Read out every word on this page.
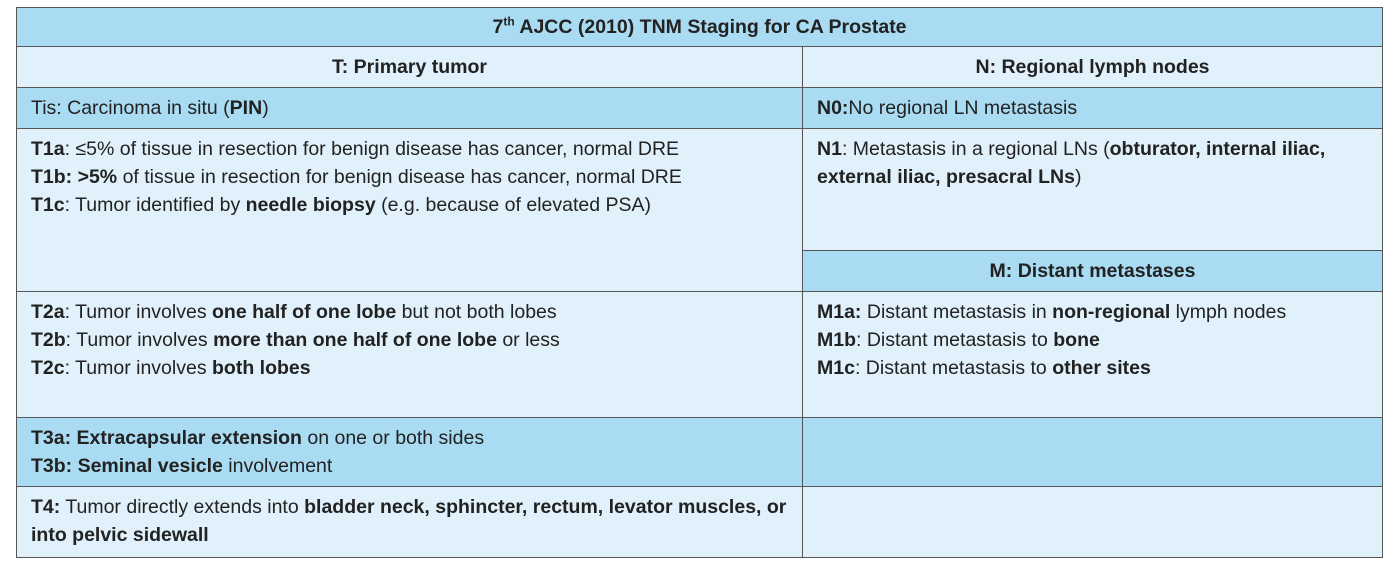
7th AJCC (2010) TNM Staging for CA Prostate	
T: Primary tumor	N: Regional lymph nodes
Tis: Carcinoma in situ (PIN)	N0:No regional LN metastasis

T1a: ≤5% of tissue in resection for benign disease has cancer, normal DRE
T1b: >5% of tissue in resection for benign disease has cancer, normal DRE
T1c: Tumor identified by needle biopsy (e.g. because of elevated PSA)	N1: Metastasis in a regional LNs (obturator, internal iliac, external iliac, presacral LNs)
	M: Distant metastases

T2a: Tumor involves one half of one lobe but not both lobes
T2b: Tumor involves more than one half of one lobe or less
T2c: Tumor involves both lobes	M1a: Distant metastasis in non-regional lymph nodes
M1b: Distant metastasis to bone
M1c: Distant metastasis to other sites

T3a: Extracapsular extension on one or both sides
T3b: Seminal vesicle involvement	

T4: Tumor directly extends into bladder neck, sphincter, rectum, levator muscles, or into pelvic sidewall	
